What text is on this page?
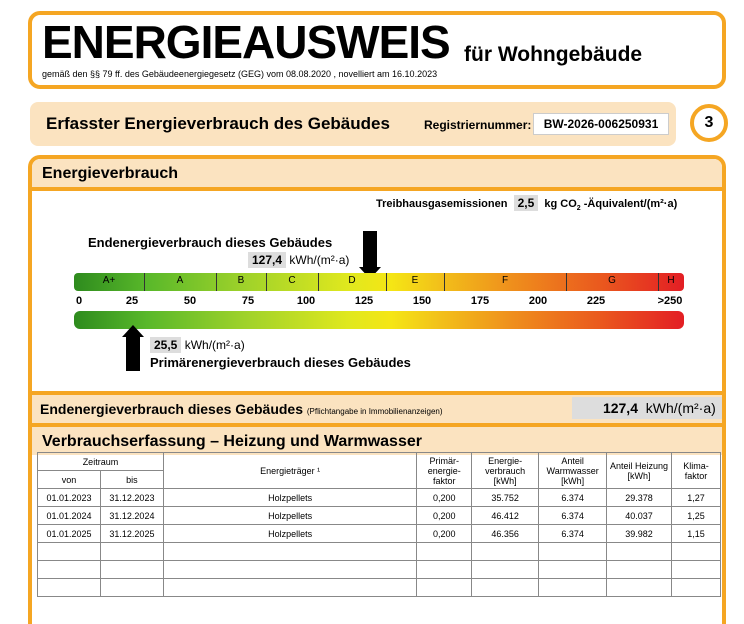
ENERGIEAUSWEIS für Wohngebäude
gemäß den §§ 79 ff. des Gebäudeenergiegesetz (GEG) vom 08.08.2020 , novelliert am 16.10.2023
Erfasster Energieverbrauch des Gebäudes	Registriernummer:	BW-2026-006250931	3
Energieverbrauch
Treibhausgasemissionen 2,5 kg $CO_2$ -Äquivalent/(m²·a)
Endenergieverbrauch dieses Gebäudes
127,4 kWh/(m²·a)
A+	A	B	C	D	E	F	G	H
0	25	50	75	100	125	150	175	200	225	>250
25,5 kWh/(m²·a)
Primärenergieverbrauch dieses Gebäudes
Endenergieverbrauch dieses Gebäudes (Pflichtangabe in Immobilienanzeigen)	127,4 kWh/(m²·a)
Verbrauchserfassung – Heizung und Warmwasser
Zeitraum		Energieträger ¹	Primär-energie-faktor	Energie-verbrauch [kWh]	Anteil Warmwasser [kWh]	Anteil Heizung [kWh]	Klima-faktor
von	bis						
01.01.2023	31.12.2023	Holzpellets	0,200	35.752	6.374	29.378	1,27
01.01.2024	31.12.2024	Holzpellets	0,200	46.412	6.374	40.037	1,25
01.01.2025	31.12.2025	Holzpellets	0,200	46.356	6.374	39.982	1,15
